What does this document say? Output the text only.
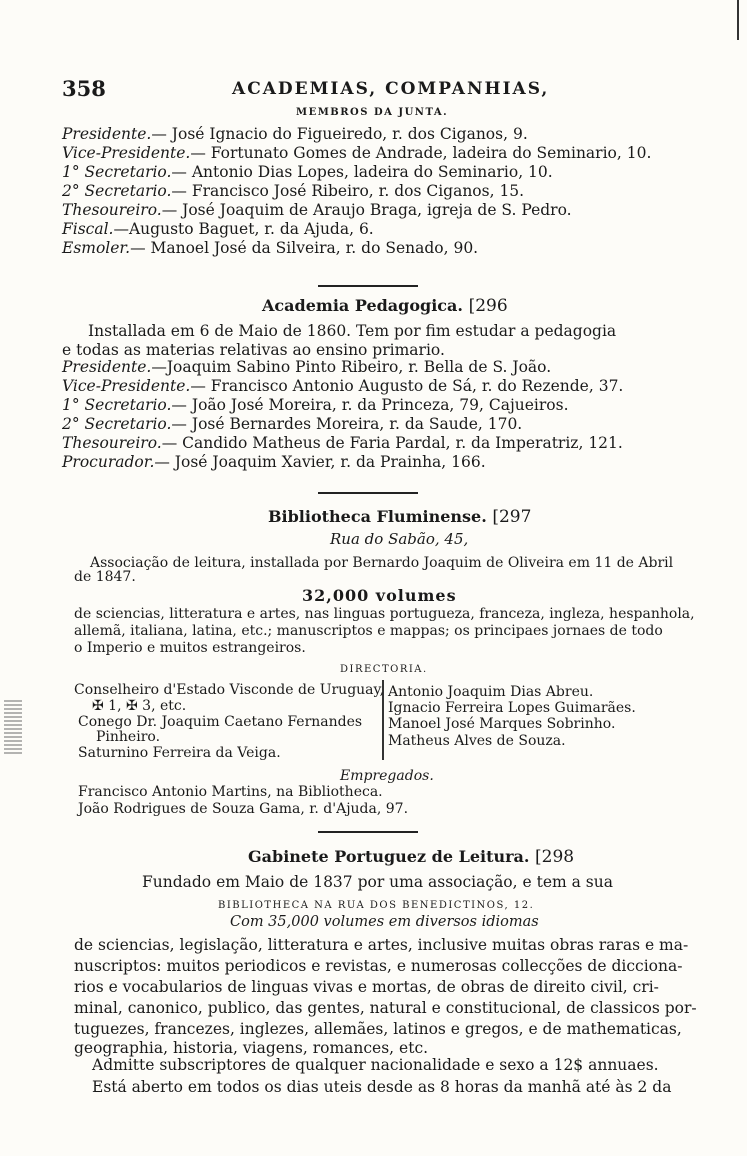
358	ACADEMIAS, COMPANHIAS,
MEMBROS DA JUNTA.
Presidente.— José Ignacio do Figueiredo, r. dos Ciganos, 9.
Vice-Presidente.— Fortunato Gomes de Andrade, ladeira do Seminario, 10.
1° Secretario.— Antonio Dias Lopes, ladeira do Seminario, 10.
2° Secretario.— Francisco José Ribeiro, r. dos Ciganos, 15.
Thesoureiro.— José Joaquim de Araujo Braga, igreja de S. Pedro.
Fiscal.—Augusto Baguet, r. da Ajuda, 6.
Esmoler.— Manoel José da Silveira, r. do Senado, 90.
Academia Pedagogica. [296
Installada em 6 de Maio de 1860. Tem por fim estudar a pedagogia
e todas as materias relativas ao ensino primario.
Presidente.—Joaquim Sabino Pinto Ribeiro, r. Bella de S. João.
Vice-Presidente.— Francisco Antonio Augusto de Sá, r. do Rezende, 37.
1° Secretario.— João José Moreira, r. da Princeza, 79, Cajueiros.
2° Secretario.— José Bernardes Moreira, r. da Saude, 170.
Thesoureiro.— Candido Matheus de Faria Pardal, r. da Imperatriz, 121.
Procurador.— José Joaquim Xavier, r. da Prainha, 166.
Bibliotheca Fluminense. [297
Rua do Sabão, 45,
Associação de leitura, installada por Bernardo Joaquim de Oliveira em 11 de Abril
de 1847.
32,000 volumes
de sciencias, litteratura e artes, nas linguas portugueza, franceza, ingleza, hespanhola,
allemã, italiana, latina, etc.; manuscriptos e mappas; os principaes jornaes de todo
o Imperio e muitos estrangeiros.
DIRECTORIA.
Conselheiro d'Estado Visconde de Uruguay,
✠ 1, ✠ 3, etc.
Conego Dr. Joaquim Caetano Fernandes
Pinheiro.
Saturnino Ferreira da Veiga.
Antonio Joaquim Dias Abreu.
Ignacio Ferreira Lopes Guimarães.
Manoel José Marques Sobrinho.
Matheus Alves de Souza.
Empregados.
Francisco Antonio Martins, na Bibliotheca.
João Rodrigues de Souza Gama, r. d'Ajuda, 97.
Gabinete Portuguez de Leitura. [298
Fundado em Maio de 1837 por uma associação, e tem a sua
BIBLIOTHECA NA RUA DOS BENEDICTINOS, 12.
Com 35,000 volumes em diversos idiomas
de sciencias, legislação, litteratura e artes, inclusive muitas obras raras e ma-
nuscriptos: muitos periodicos e revistas, e numerosas collecções de dicciona-
rios e vocabularios de linguas vivas e mortas, de obras de direito civil, cri-
minal, canonico, publico, das gentes, natural e constitucional, de classicos por-
tuguezes, francezes, inglezes, allemães, latinos e gregos, e de mathematicas,
geographia, historia, viagens, romances, etc.
Admitte subscriptores de qualquer nacionalidade e sexo a 12$ annuaes.
Está aberto em todos os dias uteis desde as 8 horas da manhã até às 2 da
